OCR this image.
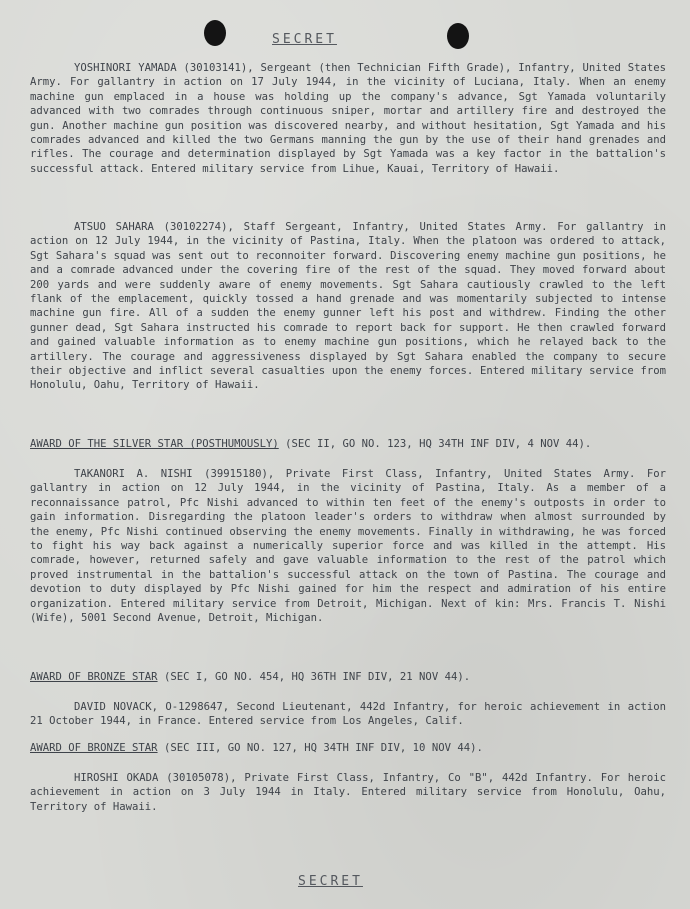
SECRET

YOSHINORI YAMADA (30103141), Sergeant (then Technician Fifth Grade), Infantry, United States Army. For gallantry in action on 17 July 1944, in the vicinity of Luciana, Italy. When an enemy machine gun emplaced in a house was holding up the company's advance, Sgt Yamada voluntarily advanced with two comrades through continuous sniper, mortar and artillery fire and destroyed the gun. Another machine gun position was discovered nearby, and without hesitation, Sgt Yamada and his comrades advanced and killed the two Germans manning the gun by the use of their hand grenades and rifles. The courage and determination displayed by Sgt Yamada was a key factor in the battalion's successful attack. Entered military service from Lihue, Kauai, Territory of Hawaii.

ATSUO SAHARA (30102274), Staff Sergeant, Infantry, United States Army. For gallantry in action on 12 July 1944, in the vicinity of Pastina, Italy. When the platoon was ordered to attack, Sgt Sahara's squad was sent out to reconnoiter forward. Discovering enemy machine gun positions, he and a comrade advanced under the covering fire of the rest of the squad. They moved forward about 200 yards and were suddenly aware of enemy movements. Sgt Sahara cautiously crawled to the left flank of the emplacement, quickly tossed a hand grenade and was momentarily subjected to intense machine gun fire. All of a sudden the enemy gunner left his post and withdrew. Finding the other gunner dead, Sgt Sahara instructed his comrade to report back for support. He then crawled forward and gained valuable information as to enemy machine gun positions, which he relayed back to the artillery. The courage and aggressiveness displayed by Sgt Sahara enabled the company to secure their objective and inflict several casualties upon the enemy forces. Entered military service from Honolulu, Oahu, Territory of Hawaii.

AWARD OF THE SILVER STAR (POSTHUMOUSLY) (SEC II, GO NO. 123, HQ 34TH INF DIV, 4 NOV 44).

TAKANORI A. NISHI (39915180), Private First Class, Infantry, United States Army. For gallantry in action on 12 July 1944, in the vicinity of Pastina, Italy. As a member of a reconnaissance patrol, Pfc Nishi advanced to within ten feet of the enemy's outposts in order to gain information. Disregarding the platoon leader's orders to withdraw when almost surrounded by the enemy, Pfc Nishi continued observing the enemy movements. Finally in withdrawing, he was forced to fight his way back against a numerically superior force and was killed in the attempt. His comrade, however, returned safely and gave valuable information to the rest of the patrol which proved instrumental in the battalion's successful attack on the town of Pastina. The courage and devotion to duty displayed by Pfc Nishi gained for him the respect and admiration of his entire organization. Entered military service from Detroit, Michigan. Next of kin: Mrs. Francis T. Nishi (Wife), 5001 Second Avenue, Detroit, Michigan.

AWARD OF BRONZE STAR (SEC I, GO NO. 454, HQ 36TH INF DIV, 21 NOV 44).

DAVID NOVACK, O-1298647, Second Lieutenant, 442d Infantry, for heroic achievement in action 21 October 1944, in France. Entered service from Los Angeles, Calif.

AWARD OF BRONZE STAR (SEC III, GO NO. 127, HQ 34TH INF DIV, 10 NOV 44).

HIROSHI OKADA (30105078), Private First Class, Infantry, Co "B", 442d Infantry. For heroic achievement in action on 3 July 1944 in Italy. Entered military service from Honolulu, Oahu, Territory of Hawaii.

SECRET
